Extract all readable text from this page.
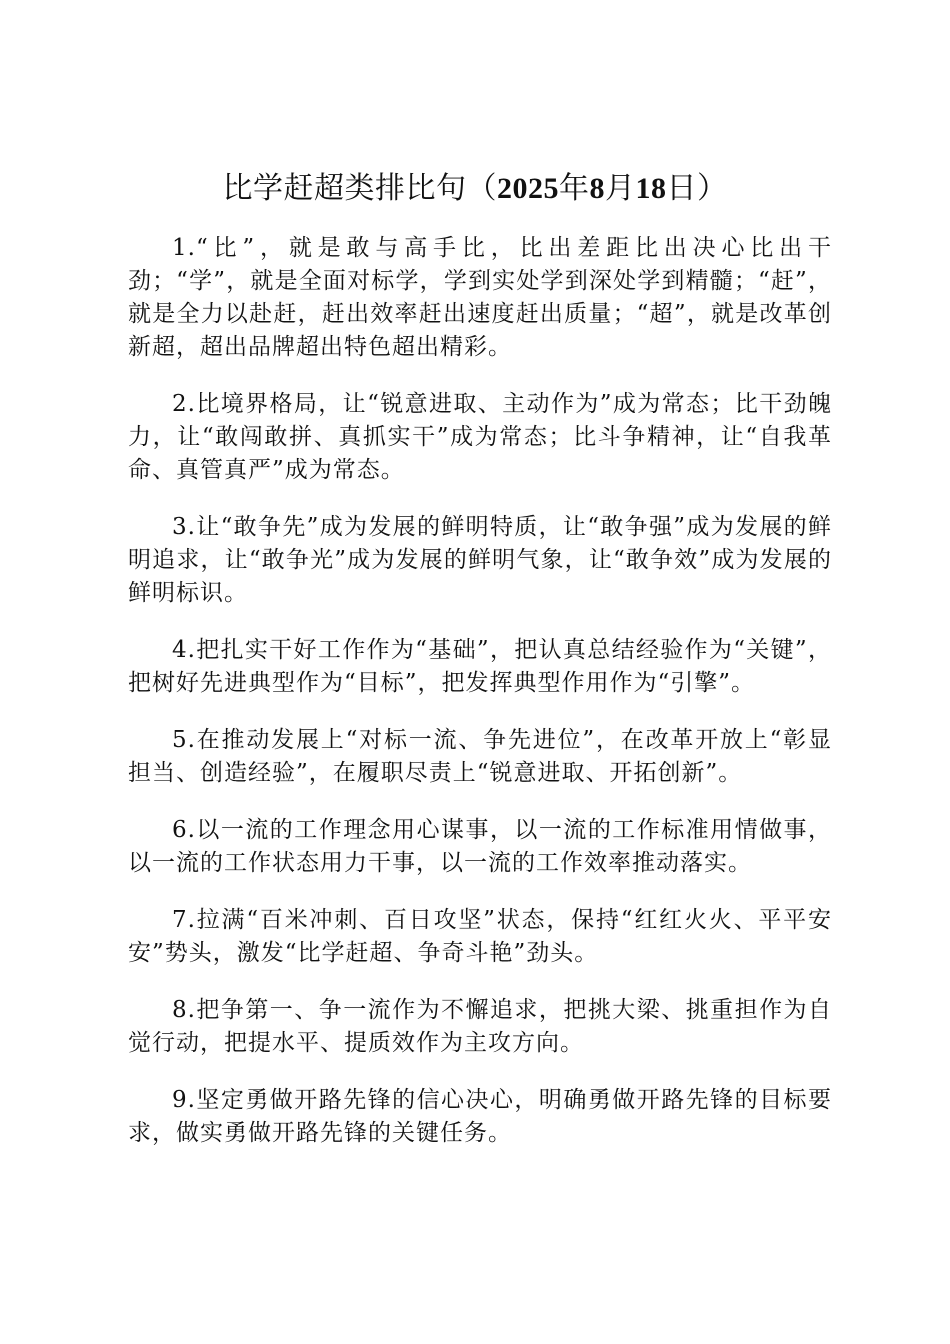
比学赶超类排比句（2025年8月18日）

1.“比”，就是敢与高手比，比出差距比出决心比出干劲；“学”，就是全面对标学，学到实处学到深处学到精髓；“赶”，就是全力以赴赶，赶出效率赶出速度赶出质量；“超”，就是改革创新超，超出品牌超出特色超出精彩。

2.比境界格局，让“锐意进取、主动作为”成为常态；比干劲魄力，让“敢闯敢拼、真抓实干”成为常态；比斗争精神，让“自我革命、真管真严”成为常态。

3.让“敢争先”成为发展的鲜明特质，让“敢争强”成为发展的鲜明追求，让“敢争光”成为发展的鲜明气象，让“敢争效”成为发展的鲜明标识。

4.把扎实干好工作作为“基础”，把认真总结经验作为“关键”，把树好先进典型作为“目标”，把发挥典型作用作为“引擎”。

5.在推动发展上“对标一流、争先进位”，在改革开放上“彰显担当、创造经验”，在履职尽责上“锐意进取、开拓创新”。

6.以一流的工作理念用心谋事，以一流的工作标准用情做事，以一流的工作状态用力干事，以一流的工作效率推动落实。

7.拉满“百米冲刺、百日攻坚”状态，保持“红红火火、平平安安”势头，激发“比学赶超、争奇斗艳”劲头。

8.把争第一、争一流作为不懈追求，把挑大梁、挑重担作为自觉行动，把提水平、提质效作为主攻方向。

9.坚定勇做开路先锋的信心决心，明确勇做开路先锋的目标要求，做实勇做开路先锋的关键任务。
